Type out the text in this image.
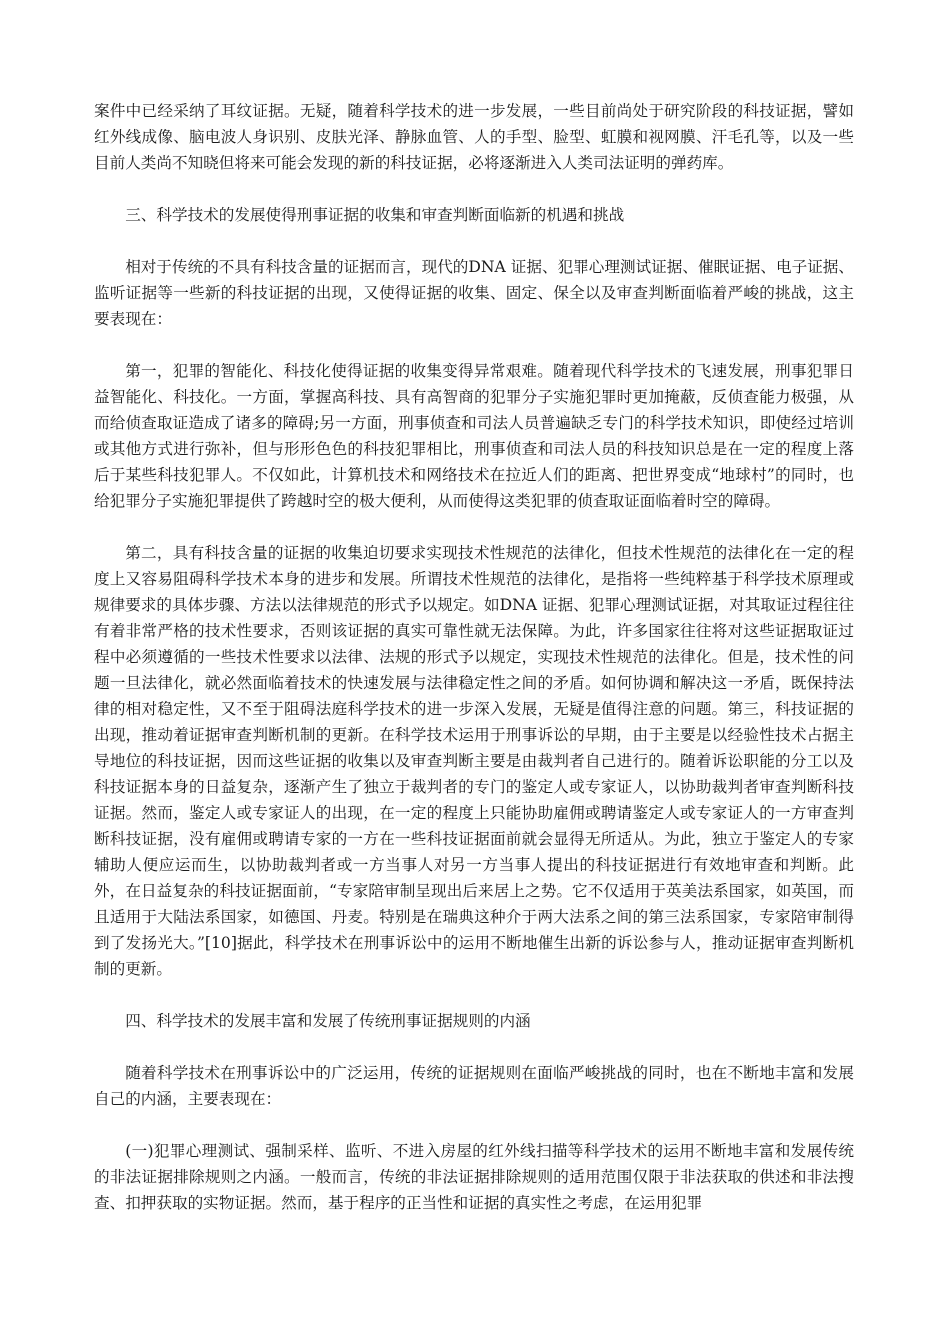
案件中已经采纳了耳纹证据。无疑，随着科学技术的进一步发展，一些目前尚处于研究阶段的科技证据，譬如红外线成像、脑电波人身识别、皮肤光泽、静脉血管、人的手型、脸型、虹膜和视网膜、汗毛孔等，以及一些目前人类尚不知晓但将来可能会发现的新的科技证据，必将逐渐进入人类司法证明的弹药库。

三、科学技术的发展使得刑事证据的收集和审查判断面临新的机遇和挑战

相对于传统的不具有科技含量的证据而言，现代的DNA 证据、犯罪心理测试证据、催眠证据、电子证据、监听证据等一些新的科技证据的出现，又使得证据的收集、固定、保全以及审查判断面临着严峻的挑战，这主要表现在：

第一，犯罪的智能化、科技化使得证据的收集变得异常艰难。随着现代科学技术的飞速发展，刑事犯罪日益智能化、科技化。一方面，掌握高科技、具有高智商的犯罪分子实施犯罪时更加掩蔽，反侦查能力极强，从而给侦查取证造成了诸多的障碍;另一方面，刑事侦查和司法人员普遍缺乏专门的科学技术知识，即使经过培训或其他方式进行弥补，但与形形色色的科技犯罪相比，刑事侦查和司法人员的科技知识总是在一定的程度上落后于某些科技犯罪人。不仅如此，计算机技术和网络技术在拉近人们的距离、把世界变成“地球村”的同时，也给犯罪分子实施犯罪提供了跨越时空的极大便利，从而使得这类犯罪的侦查取证面临着时空的障碍。

第二，具有科技含量的证据的收集迫切要求实现技术性规范的法律化，但技术性规范的法律化在一定的程度上又容易阻碍科学技术本身的进步和发展。所谓技术性规范的法律化，是指将一些纯粹基于科学技术原理或规律要求的具体步骤、方法以法律规范的形式予以规定。如DNA 证据、犯罪心理测试证据，对其取证过程往往有着非常严格的技术性要求，否则该证据的真实可靠性就无法保障。为此，许多国家往往将对这些证据取证过程中必须遵循的一些技术性要求以法律、法规的形式予以规定，实现技术性规范的法律化。但是，技术性的问题一旦法律化，就必然面临着技术的快速发展与法律稳定性之间的矛盾。如何协调和解决这一矛盾，既保持法律的相对稳定性，又不至于阻碍法庭科学技术的进一步深入发展，无疑是值得注意的问题。第三，科技证据的出现，推动着证据审查判断机制的更新。在科学技术运用于刑事诉讼的早期，由于主要是以经验性技术占据主导地位的科技证据，因而这些证据的收集以及审查判断主要是由裁判者自己进行的。随着诉讼职能的分工以及科技证据本身的日益复杂，逐渐产生了独立于裁判者的专门的鉴定人或专家证人，以协助裁判者审查判断科技证据。然而，鉴定人或专家证人的出现，在一定的程度上只能协助雇佣或聘请鉴定人或专家证人的一方审查判断科技证据，没有雇佣或聘请专家的一方在一些科技证据面前就会显得无所适从。为此，独立于鉴定人的专家辅助人便应运而生，以协助裁判者或一方当事人对另一方当事人提出的科技证据进行有效地审查和判断。此外，在日益复杂的科技证据面前，“专家陪审制呈现出后来居上之势。它不仅适用于英美法系国家，如英国，而且适用于大陆法系国家，如德国、丹麦。特别是在瑞典这种介于两大法系之间的第三法系国家，专家陪审制得到了发扬光大。”[10]据此，科学技术在刑事诉讼中的运用不断地催生出新的诉讼参与人，推动证据审查判断机制的更新。

四、科学技术的发展丰富和发展了传统刑事证据规则的内涵

随着科学技术在刑事诉讼中的广泛运用，传统的证据规则在面临严峻挑战的同时，也在不断地丰富和发展自己的内涵，主要表现在：

(一)犯罪心理测试、强制采样、监听、不进入房屋的红外线扫描等科学技术的运用不断地丰富和发展传统的非法证据排除规则之内涵。一般而言，传统的非法证据排除规则的适用范围仅限于非法获取的供述和非法搜查、扣押获取的实物证据。然而，基于程序的正当性和证据的真实性之考虑，在运用犯罪
